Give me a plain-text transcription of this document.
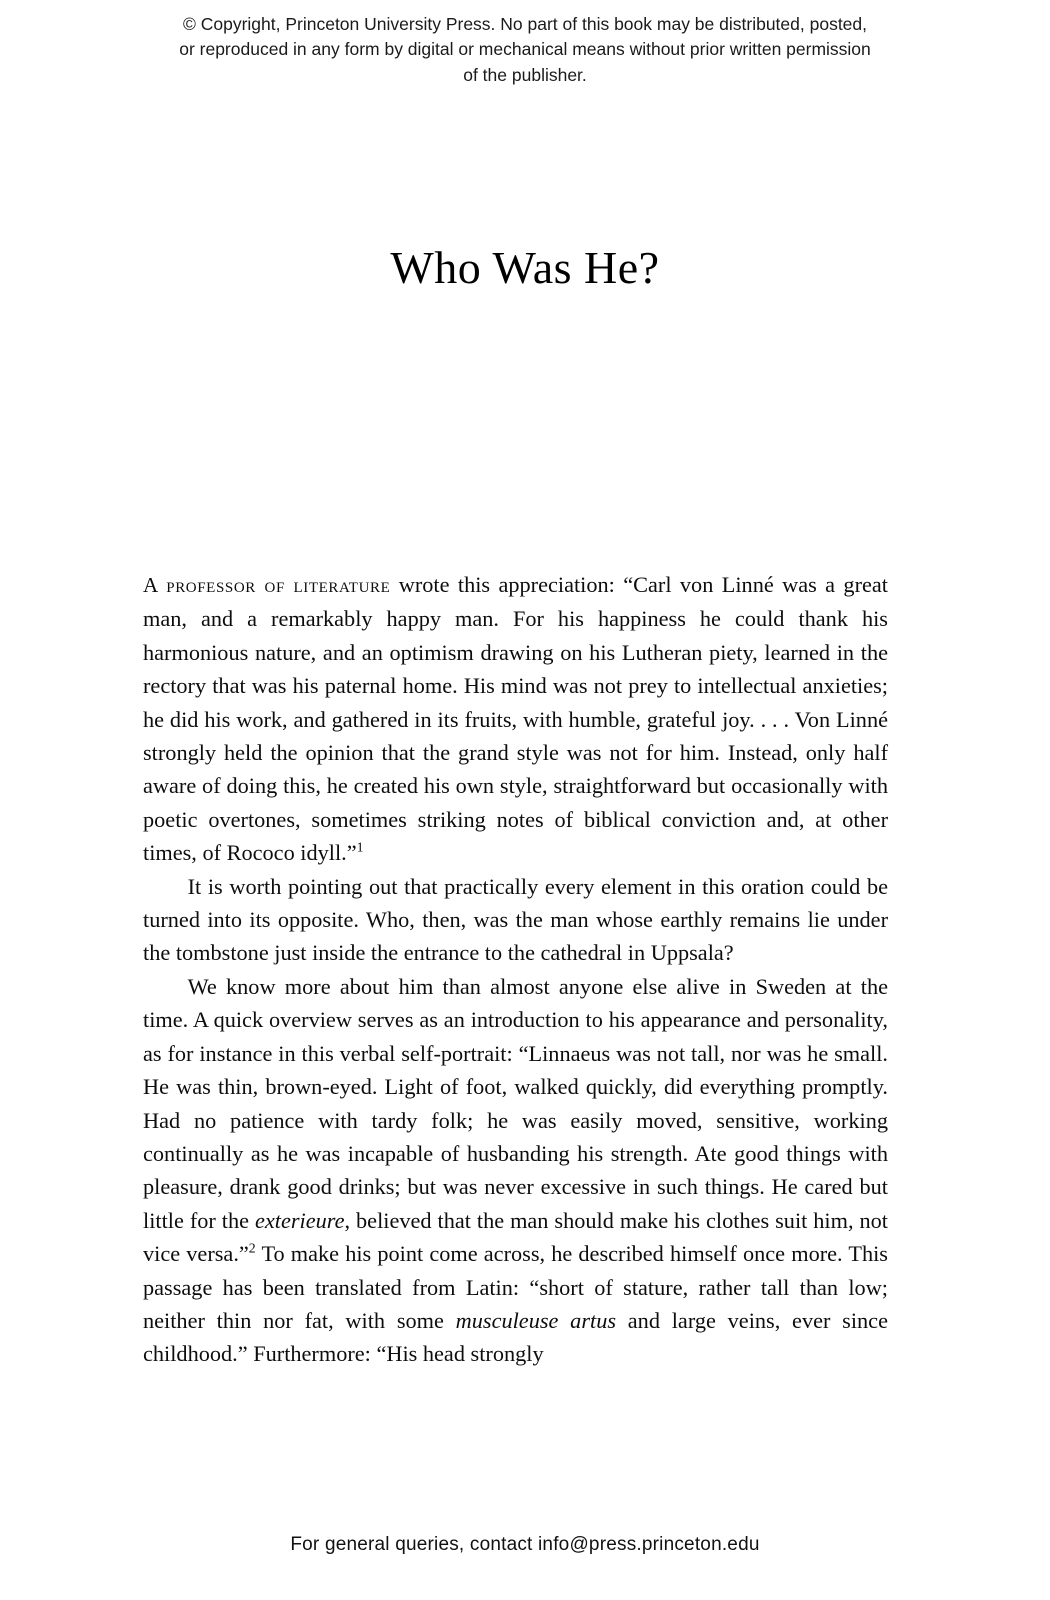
© Copyright, Princeton University Press. No part of this book may be distributed, posted, or reproduced in any form by digital or mechanical means without prior written permission of the publisher.
Who Was He?

A professor of literature wrote this appreciation: “Carl von Linné was a great man, and a remarkably happy man. For his happiness he could thank his harmonious nature, and an optimism drawing on his Lutheran piety, learned in the rectory that was his paternal home. His mind was not prey to intellectual anxieties; he did his work, and gathered in its fruits, with humble, grateful joy. . . . Von Linné strongly held the opinion that the grand style was not for him. Instead, only half aware of doing this, he created his own style, straightforward but occasionally with poetic overtones, sometimes striking notes of biblical conviction and, at other times, of Rococo idyll.”$^1$

It is worth pointing out that practically every element in this oration could be turned into its opposite. Who, then, was the man whose earthly remains lie under the tombstone just inside the entrance to the cathedral in Uppsala?

We know more about him than almost anyone else alive in Sweden at the time. A quick overview serves as an introduction to his appearance and personality, as for instance in this verbal self-portrait: “Linnaeus was not tall, nor was he small. He was thin, brown-eyed. Light of foot, walked quickly, did everything promptly. Had no patience with tardy folk; he was easily moved, sensitive, working continually as he was incapable of husbanding his strength. Ate good things with pleasure, drank good drinks; but was never excessive in such things. He cared but little for the exterieure, believed that the man should make his clothes suit him, not vice versa.”$^2$ To make his point come across, he described himself once more. This passage has been translated from Latin: “short of stature, rather tall than low; neither thin nor fat, with some musculeuse artus and large veins, ever since childhood.” Furthermore: “His head strongly

For general queries, contact info@press.princeton.edu
